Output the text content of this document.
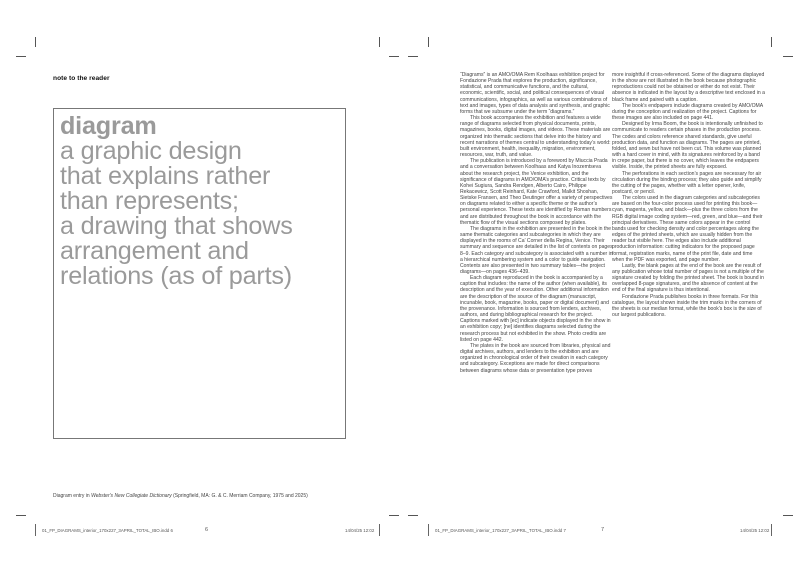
note to the reader
diagram
a graphic design
that explains rather
than represents;
a drawing that shows
arrangement and
relations (as of parts)
Diagram entry in Webster's New Collegiate Dictionary (Springfield, MA: G. & C. Merriam Company, 1975 and 2025)
01_FP_DIAGRAMS_interior_170x227_3APRIL_TOTAL_IBO.indd 6	6	14/04/25 12:02

“Diagrams” is an AMO/OMA Rem Koolhaas exhibition project for Fondazione Prada that explores the production, significance, statistical, and communicative functions, and the cultural, economic, scientific, social, and political consequences of visual communications, infographics, as well as various combinations of text and images, types of data analysis and synthesis, and graphic forms that we subsume under the term “diagrams.”

This book accompanies the exhibition and features a wide range of diagrams selected from physical documents, prints, magazines, books, digital images, and videos. These materials are organized into thematic sections that delve into the history and recent narrations of themes central to understanding today’s world: built environment, health, inequality, migration, environment, resources, war, truth, and value.

The publication is introduced by a foreword by Miuccia Prada and a conversation between Koolhaas and Katya Inozemtseva about the research project, the Venice exhibition, and the significance of diagrams in AMO/OMA’s practice. Critical texts by Kohei Sugiura, Sandra Rendgen, Alberto Cairo, Philippe Rekacewicz, Scott Reinhard, Kate Crawford, Malkit Shoshan, Sietske Fransen, and Theo Deutinger offer a variety of perspectives on diagrams related to either a specific theme or the author’s personal experience. These texts are identified by Roman numbers and are distributed throughout the book in accordance with the thematic flow of the visual sections composed by plates.

The diagrams in the exhibition are presented in the book in the same thematic categories and subcategories in which they are displayed in the rooms of Ca’ Corner della Regina, Venice. Their summary and sequence are detailed in the list of contents on pages 8–9. Each category and subcategory is associated with a number in a hierarchical numbering system and a color to guide navigation. Contents are also presented in two summary tables—the project diagrams—on pages 436–439.

Each diagram reproduced in the book is accompanied by a caption that includes: the name of the author (when available), its description and the year of execution. Other additional information are the description of the source of the diagram (manuscript, incunable, book, magazine, books, paper or digital document) and the provenance. Information is sourced from lenders, archives, authors, and during bibliographical research for the project. Captions marked with [ec] indicate objects displayed in the show in an exhibition copy; [ne] identifies diagrams selected during the research process but not exhibited in the show. Photo credits are listed on page 442.

The plates in the book are sourced from libraries, physical and digital archives, authors, and lenders to the exhibition and are organized in chronological order of their creation in each category and subcategory. Exceptions are made for direct comparisons between diagrams whose data or presentation type proves

more insightful if cross-referenced. Some of the diagrams displayed in the show are not illustrated in the book because photographic reproductions could not be obtained or either do not exist. Their absence is indicated in the layout by a descriptive text enclosed in a black frame and paired with a caption.

The book’s endpapers include diagrams created by AMO/OMA during the conception and realization of the project. Captions for these images are also included on page 441.

Designed by Irma Boom, the book is intentionally unfinished to communicate to readers certain phases in the production process. The codes and colors reference shared standards, give useful production data, and function as diagrams. The pages are printed, folded, and sewn but have not been cut. This volume was planned with a hard cover in mind, with its signatures reinforced by a band in crepe paper, but there is no cover, which leaves the endpapers visible. Inside, the printed sheets are fully exposed.

The perforations in each section’s pages are necessary for air circulation during the binding process; they also guide and simplify the cutting of the pages, whether with a letter opener, knife, postcard, or pencil.

The colors used in the diagram categories and subcategories are based on the four-color process used for printing this book—cyan, magenta, yellow, and black—plus the three colors from the RGB digital image coding system—red, green, and blue—and their principal derivatives. These same colors appear in the control bands used for checking density and color percentages along the edges of the printed sheets, which are usually hidden from the reader but visible here. The edges also include additional production information: cutting indicators for the proposed page format, registration marks, name of the print file, date and time when the PDF was exported, and page number.

Lastly, the blank pages at the end of the book are the result of any publication whose total number of pages is not a multiple of the signature created by folding the printed sheet. The book is bound in overlapped 8-page signatures, and the absence of content at the end of the final signature is thus intentional.

Fondazione Prada publishes books in three formats. For this catalogue, the layout shown inside the trim marks in the corners of the sheets is our median format, while the book’s box is the size of our largest publications.

01_FP_DIAGRAMS_interior_170x227_3APRIL_TOTAL_IBO.indd 7	7	14/04/25 12:02
